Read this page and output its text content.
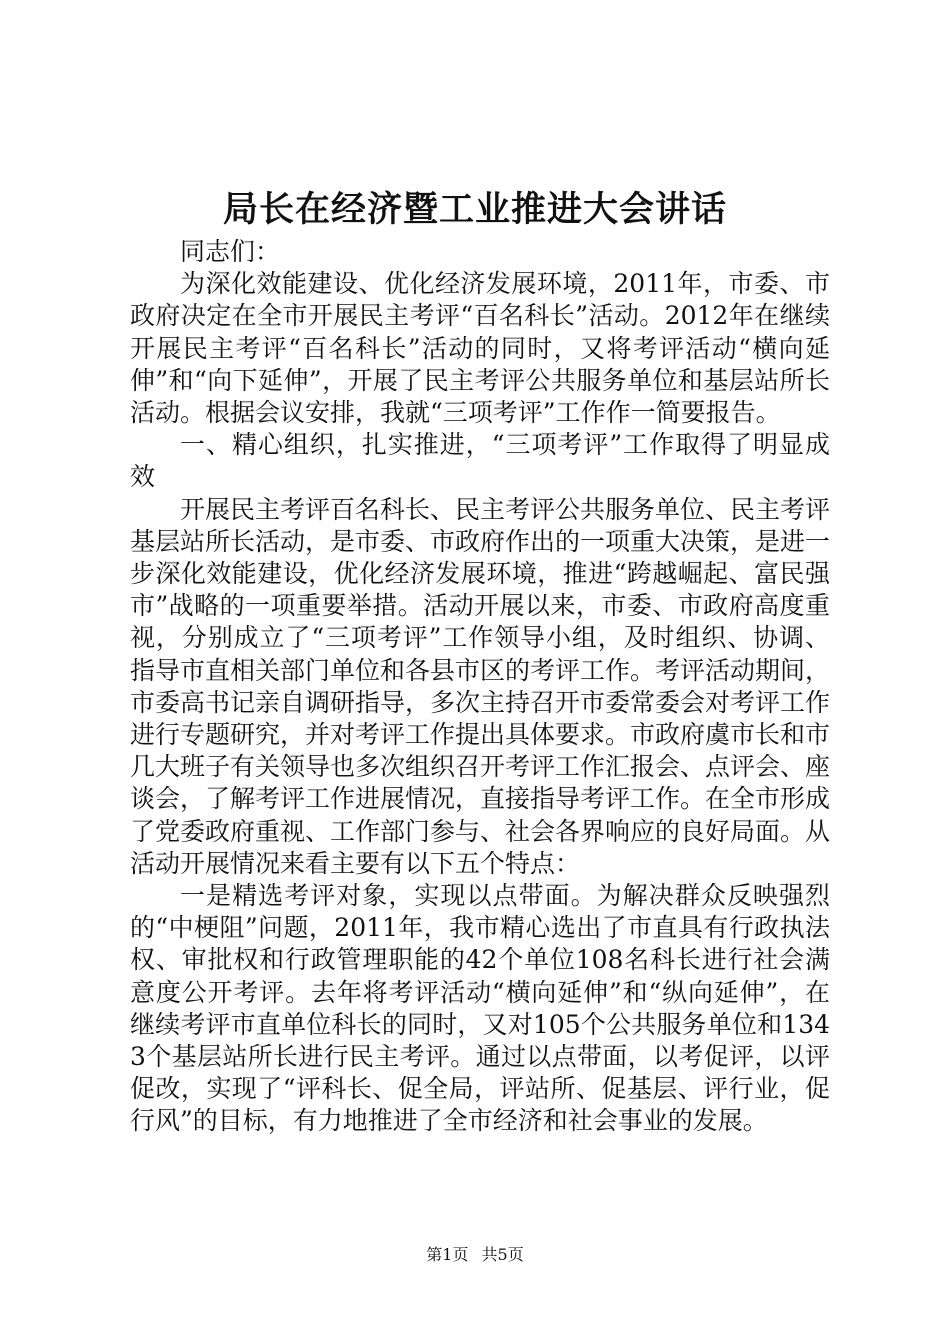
局长在经济暨工业推进大会讲话

同志们：

为深化效能建设、优化经济发展环境，2011年，市委、市政府决定在全市开展民主考评“百名科长”活动。2012年在继续开展民主考评“百名科长”活动的同时，又将考评活动“横向延伸”和“向下延伸”，开展了民主考评公共服务单位和基层站所长活动。根据会议安排，我就“三项考评”工作作一简要报告。

一、精心组织，扎实推进，“三项考评”工作取得了明显成效

开展民主考评百名科长、民主考评公共服务单位、民主考评基层站所长活动，是市委、市政府作出的一项重大决策，是进一步深化效能建设，优化经济发展环境，推进“跨越崛起、富民强市”战略的一项重要举措。活动开展以来，市委、市政府高度重视，分别成立了“三项考评”工作领导小组，及时组织、协调、指导市直相关部门单位和各县市区的考评工作。考评活动期间，市委高书记亲自调研指导，多次主持召开市委常委会对考评工作进行专题研究，并对考评工作提出具体要求。市政府虞市长和市几大班子有关领导也多次组织召开考评工作汇报会、点评会、座谈会，了解考评工作进展情况，直接指导考评工作。在全市形成了党委政府重视、工作部门参与、社会各界响应的良好局面。从活动开展情况来看主要有以下五个特点：

一是精选考评对象，实现以点带面。为解决群众反映强烈的“中梗阻”问题，2011年，我市精心选出了市直具有行政执法权、审批权和行政管理职能的42个单位108名科长进行社会满意度公开考评。去年将考评活动“横向延伸”和“纵向延伸”，在继续考评市直单位科长的同时，又对105个公共服务单位和1343个基层站所长进行民主考评。通过以点带面，以考促评，以评促改，实现了“评科长、促全局，评站所、促基层、评行业，促行风”的目标，有力地推进了全市经济和社会事业的发展。

第1页 共5页
